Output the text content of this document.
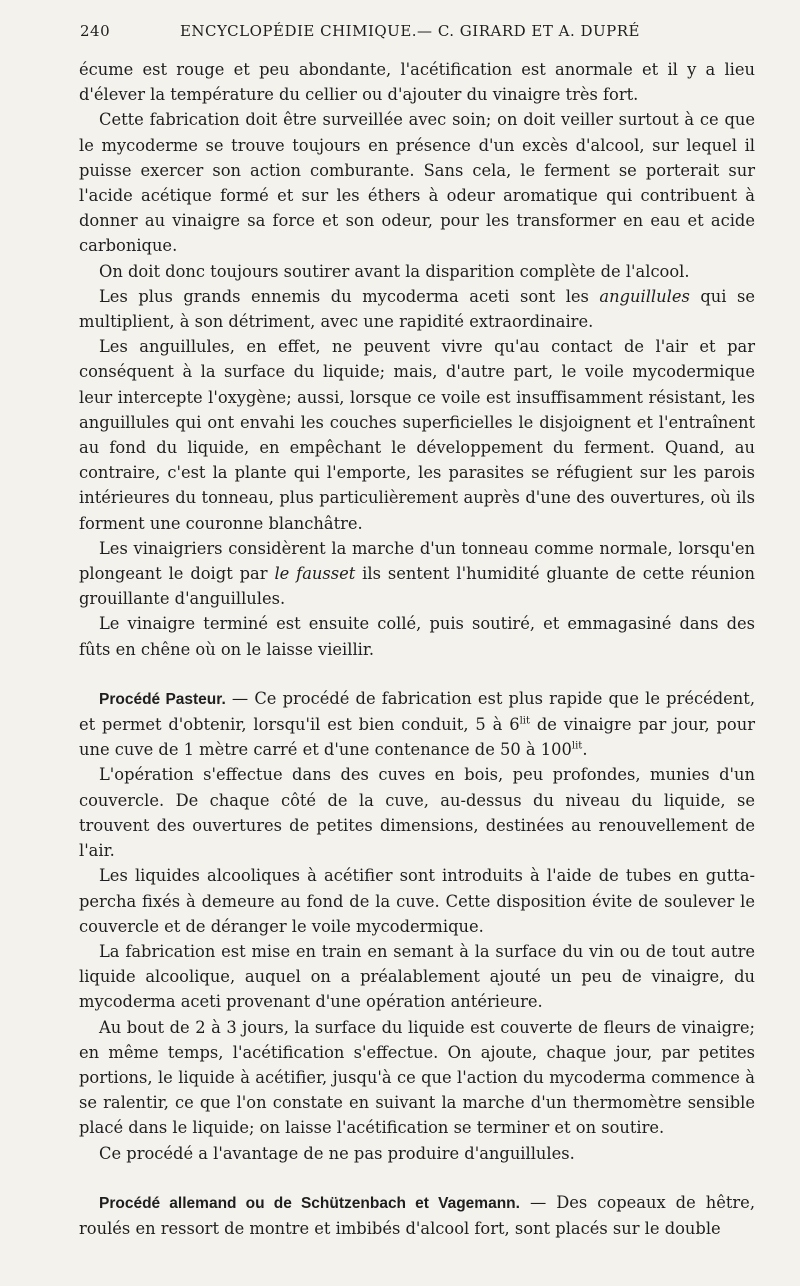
240	ENCYCLOPÉDIE CHIMIQUE.— C. GIRARD ET A. DUPRÉ

écume est rouge et peu abondante, l'acétification est anormale et il y a lieu d'élever la température du cellier ou d'ajouter du vinaigre très fort.

Cette fabrication doit être surveillée avec soin; on doit veiller surtout à ce que le mycoderme se trouve toujours en présence d'un excès d'alcool, sur lequel il puisse exercer son action comburante. Sans cela, le ferment se porterait sur l'acide acétique formé et sur les éthers à odeur aromatique qui contribuent à donner au vinaigre sa force et son odeur, pour les transformer en eau et acide carbonique.

On doit donc toujours soutirer avant la disparition complète de l'alcool.

Les plus grands ennemis du mycoderma aceti sont les anguillules qui se multiplient, à son détriment, avec une rapidité extraordinaire.

Les anguillules, en effet, ne peuvent vivre qu'au contact de l'air et par conséquent à la surface du liquide; mais, d'autre part, le voile mycodermique leur intercepte l'oxygène; aussi, lorsque ce voile est insuffisamment résistant, les anguillules qui ont envahi les couches superficielles le disjoignent et l'entraînent au fond du liquide, en empêchant le développement du ferment. Quand, au contraire, c'est la plante qui l'emporte, les parasites se réfugient sur les parois intérieures du tonneau, plus particulièrement auprès d'une des ouvertures, où ils forment une couronne blanchâtre.

Les vinaigriers considèrent la marche d'un tonneau comme normale, lorsqu'en plongeant le doigt par le fausset ils sentent l'humidité gluante de cette réunion grouillante d'anguillules.

Le vinaigre terminé est ensuite collé, puis soutiré, et emmagasiné dans des fûts en chêne où on le laisse vieillir.

Procédé Pasteur. — Ce procédé de fabrication est plus rapide que le précédent, et permet d'obtenir, lorsqu'il est bien conduit, 5 à $6^{lit}$ de vinaigre par jour, pour une cuve de 1 mètre carré et d'une contenance de 50 à $100^{lit}$.

L'opération s'effectue dans des cuves en bois, peu profondes, munies d'un couvercle. De chaque côté de la cuve, au-dessus du niveau du liquide, se trouvent des ouvertures de petites dimensions, destinées au renouvellement de l'air.

Les liquides alcooliques à acétifier sont introduits à l'aide de tubes en gutta-percha fixés à demeure au fond de la cuve. Cette disposition évite de soulever le couvercle et de déranger le voile mycodermique.

La fabrication est mise en train en semant à la surface du vin ou de tout autre liquide alcoolique, auquel on a préalablement ajouté un peu de vinaigre, du mycoderma aceti provenant d'une opération antérieure.

Au bout de 2 à 3 jours, la surface du liquide est couverte de fleurs de vinaigre; en même temps, l'acétification s'effectue. On ajoute, chaque jour, par petites portions, le liquide à acétifier, jusqu'à ce que l'action du mycoderma commence à se ralentir, ce que l'on constate en suivant la marche d'un thermomètre sensible placé dans le liquide; on laisse l'acétification se terminer et on soutire.

Ce procédé a l'avantage de ne pas produire d'anguillules.

Procédé allemand ou de Schützenbach et Vagemann. — Des copeaux de hêtre, roulés en ressort de montre et imbibés d'alcool fort, sont placés sur le double
